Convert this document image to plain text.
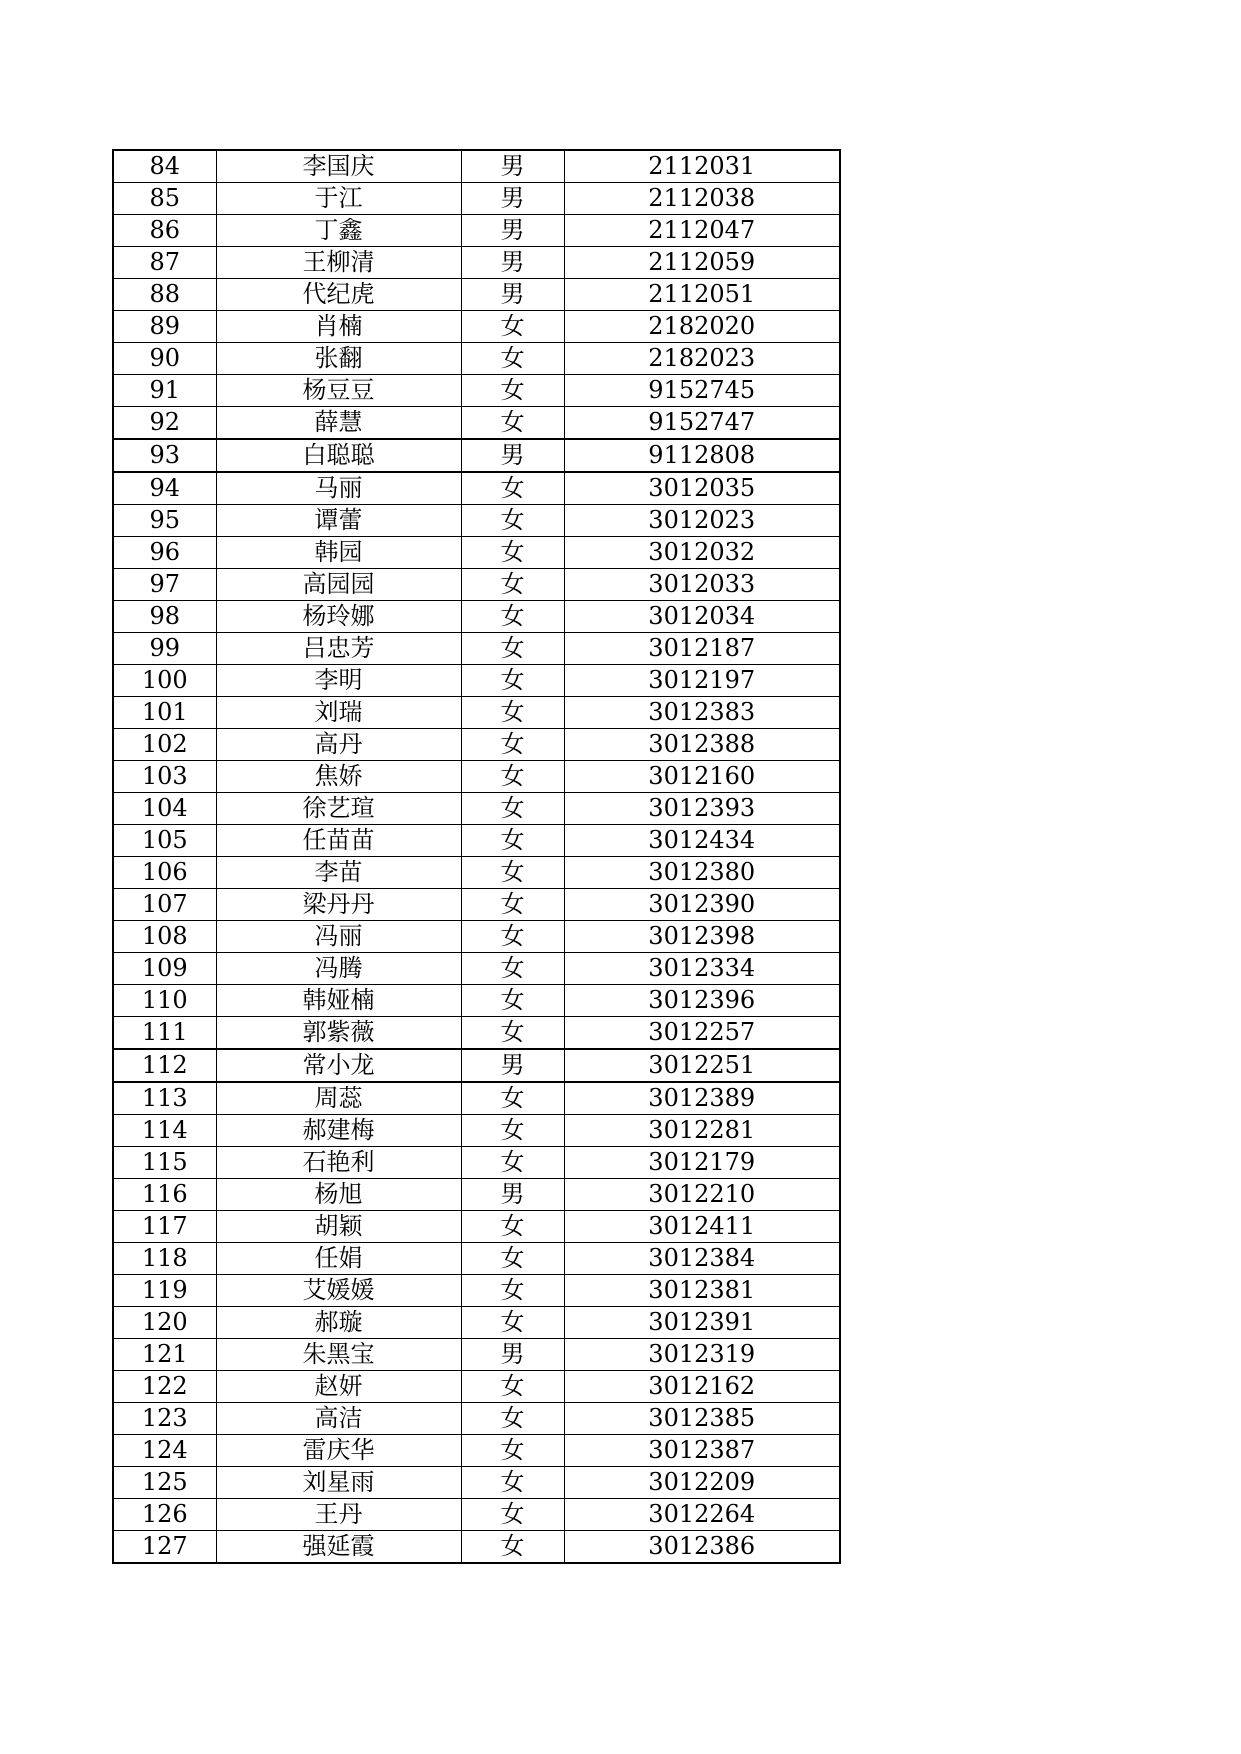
84	李国庆	男	2112031
85	于江	男	2112038
86	丁鑫	男	2112047
87	王柳清	男	2112059
88	代纪虎	男	2112051
89	肖楠	女	2182020
90	张翻	女	2182023
91	杨豆豆	女	9152745
92	薛慧	女	9152747
93	白聪聪	男	9112808
94	马丽	女	3012035
95	谭蕾	女	3012023
96	韩园	女	3012032
97	高园园	女	3012033
98	杨玲娜	女	3012034
99	吕忠芳	女	3012187
100	李明	女	3012197
101	刘瑞	女	3012383
102	高丹	女	3012388
103	焦娇	女	3012160
104	徐艺瑄	女	3012393
105	任苗苗	女	3012434
106	李苗	女	3012380
107	梁丹丹	女	3012390
108	冯丽	女	3012398
109	冯腾	女	3012334
110	韩娅楠	女	3012396
111	郭紫薇	女	3012257
112	常小龙	男	3012251
113	周蕊	女	3012389
114	郝建梅	女	3012281
115	石艳利	女	3012179
116	杨旭	男	3012210
117	胡颖	女	3012411
118	任娟	女	3012384
119	艾媛媛	女	3012381
120	郝璇	女	3012391
121	朱黑宝	男	3012319
122	赵妍	女	3012162
123	高洁	女	3012385
124	雷庆华	女	3012387
125	刘星雨	女	3012209
126	王丹	女	3012264
127	强延霞	女	3012386
